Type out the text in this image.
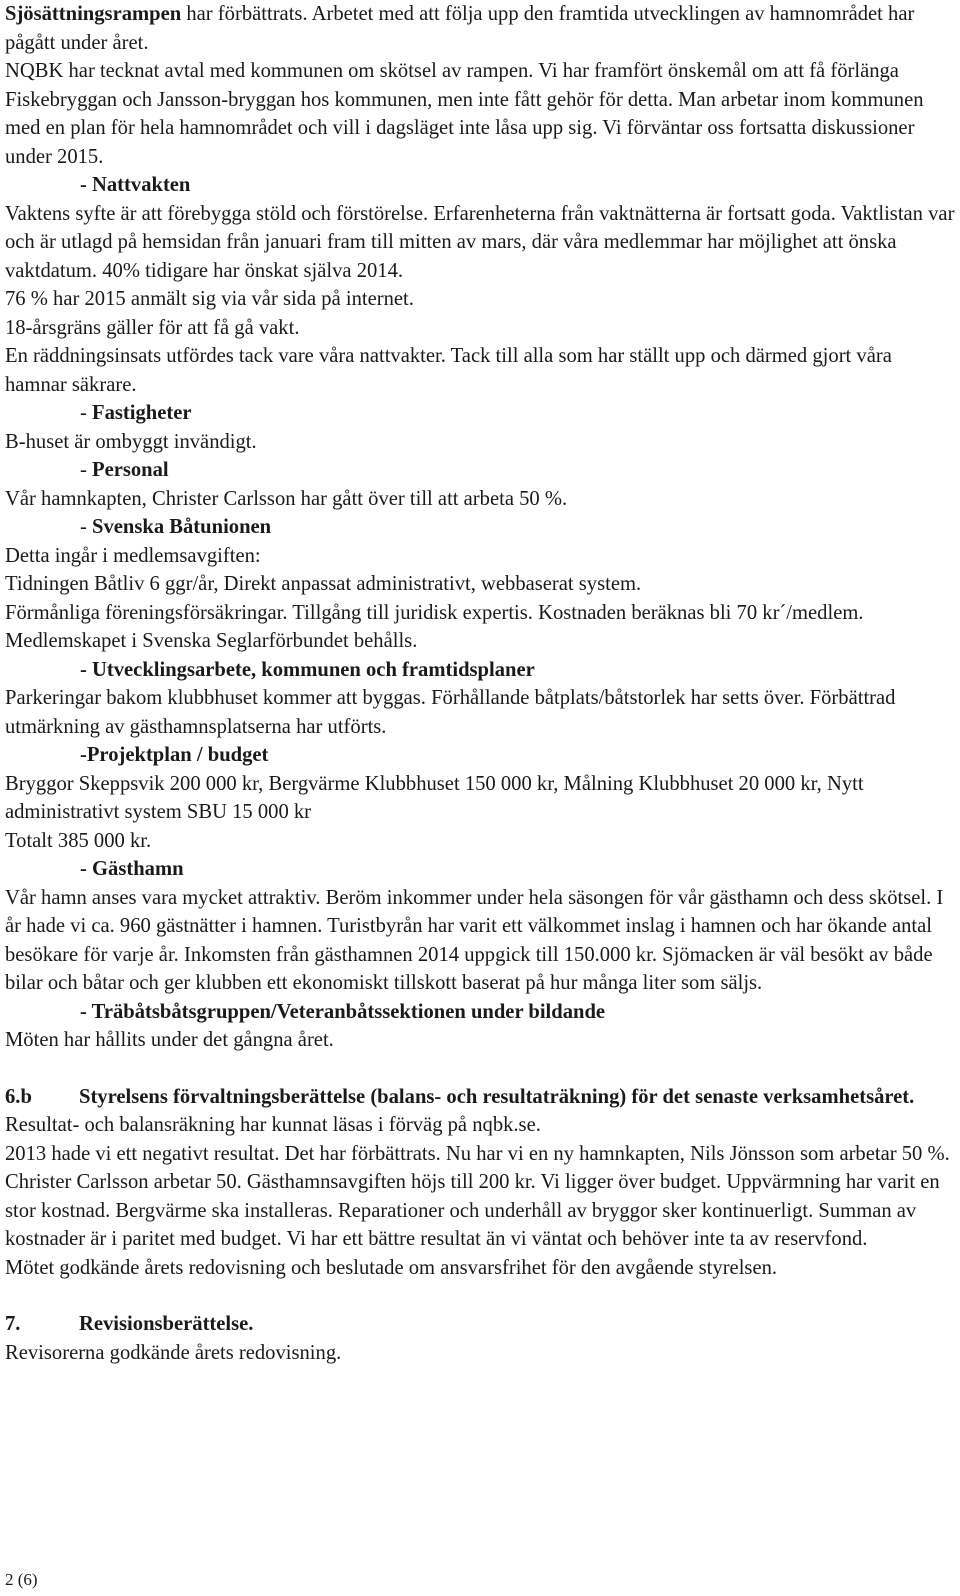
Sjösättningsrampen har förbättrats. Arbetet med att följa upp den framtida utvecklingen av hamnområdet har pågått under året.

NQBK har tecknat avtal med kommunen om skötsel av rampen. Vi har framfört önskemål om att få förlänga Fiskebryggan och Jansson-bryggan hos kommunen, men inte fått gehör för detta. Man arbetar inom kommunen med en plan för hela hamnområdet och vill i dagsläget inte låsa upp sig. Vi förväntar oss fortsatta diskussioner under 2015.

- Nattvakten

Vaktens syfte är att förebygga stöld och förstörelse. Erfarenheterna från vaktnätterna är fortsatt goda. Vaktlistan var och är utlagd på hemsidan från januari fram till mitten av mars, där våra medlemmar har möjlighet att önska vaktdatum. 40% tidigare har önskat själva 2014.

76 % har 2015 anmält sig via vår sida på internet.

18-årsgräns gäller för att få gå vakt.

En räddningsinsats utfördes tack vare våra nattvakter. Tack till alla som har ställt upp och därmed gjort våra hamnar säkrare.

- Fastigheter

B-huset är ombyggt invändigt.

- Personal

Vår hamnkapten, Christer Carlsson har gått över till att arbeta 50 %.

- Svenska Båtunionen

Detta ingår i medlemsavgiften:

Tidningen Båtliv 6 ggr/år, Direkt anpassat administrativt, webbaserat system.

Förmånliga föreningsförsäkringar. Tillgång till juridisk expertis. Kostnaden beräknas bli 70 kr´/medlem.

Medlemskapet i Svenska Seglarförbundet behålls.

- Utvecklingsarbete, kommunen och framtidsplaner

Parkeringar bakom klubbhuset kommer att byggas. Förhållande båtplats/båtstorlek har setts över. Förbättrad utmärkning av gästhamnsplatserna har utförts.

-Projektplan / budget

Bryggor Skeppsvik 200 000 kr, Bergvärme Klubbhuset 150 000 kr, Målning Klubbhuset 20 000 kr, Nytt administrativt system SBU 15 000 kr

Totalt 385 000 kr.

- Gästhamn

Vår hamn anses vara mycket attraktiv. Beröm inkommer under hela säsongen för vår gästhamn och dess skötsel. I år hade vi ca. 960 gästnätter i hamnen. Turistbyrån har varit ett välkommet inslag i hamnen och har ökande antal besökare för varje år. Inkomsten från gästhamnen 2014 uppgick till 150.000 kr. Sjömacken är väl besökt av både bilar och båtar och ger klubben ett ekonomiskt tillskott baserat på hur många liter som säljs.

- Träbåtsbåtsgruppen/Veteranbåtssektionen under bildande

Möten har hållits under det gångna året.

6.b Styrelsens förvaltningsberättelse (balans- och resultaträkning) för det senaste verksamhetsåret.

Resultat- och balansräkning har kunnat läsas i förväg på nqbk.se.

2013 hade vi ett negativt resultat. Det har förbättrats. Nu har vi en ny hamnkapten, Nils Jönsson som arbetar 50 %. Christer Carlsson arbetar 50. Gästhamnsavgiften höjs till 200 kr. Vi ligger över budget. Uppvärmning har varit en stor kostnad. Bergvärme ska installeras. Reparationer och underhåll av bryggor sker kontinuerligt. Summan av kostnader är i paritet med budget. Vi har ett bättre resultat än vi väntat och behöver inte ta av reservfond.

Mötet godkände årets redovisning och beslutade om ansvarsfrihet för den avgående styrelsen.

7.	Revisionsberättelse.

Revisorerna godkände årets redovisning.

2 (6)
